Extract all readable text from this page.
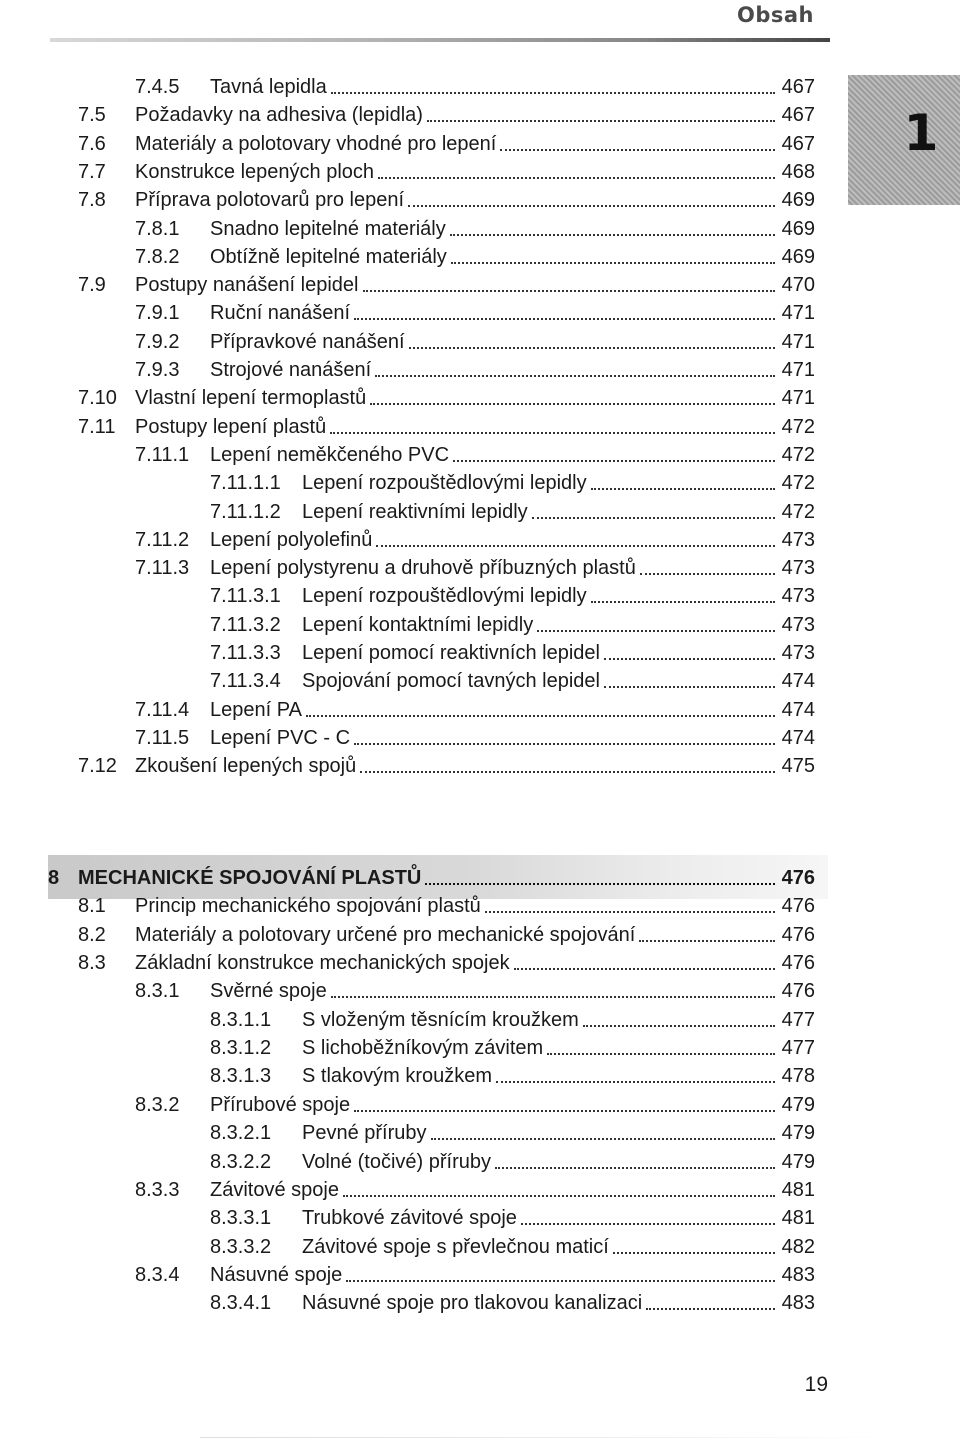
Obsah
1
7.4.5	Tavná lepidla	467
7.5	Požadavky na adhesiva (lepidla)	467
7.6	Materiály a polotovary vhodné pro lepení	467
7.7	Konstrukce lepených ploch	468
7.8	Příprava polotovarů pro lepení	469
7.8.1	Snadno lepitelné materiály	469
7.8.2	Obtížně lepitelné materiály	469
7.9	Postupy nanášení lepidel	470
7.9.1	Ruční nanášení	471
7.9.2	Přípravkové nanášení	471
7.9.3	Strojové nanášení	471
7.10 Vlastní lepení termoplastů	471
7.11 Postupy lepení plastů	472
7.11.1	Lepení neměkčeného PVC	472
7.11.1.1	Lepení rozpouštědlovými lepidly	472
7.11.1.2	Lepení reaktivními lepidly	472
7.11.2	Lepení polyolefinů	473
7.11.3	Lepení polystyrenu a druhově příbuzných plastů	473
7.11.3.1	Lepení rozpouštědlovými lepidly	473
7.11.3.2	Lepení kontaktními lepidly	473
7.11.3.3	Lepení pomocí reaktivních lepidel	473
7.11.3.4	Spojování pomocí tavných lepidel	474
7.11.4	Lepení PA	474
7.11.5	Lepení PVC - C	474
7.12 Zkoušení lepených spojů	475
8 MECHANICKÉ SPOJOVÁNÍ PLASTŮ	476
8.1	Princip mechanického spojování plastů	476
8.2	Materiály a polotovary určené pro mechanické spojování	476
8.3	Základní konstrukce mechanických spojek	476
8.3.1	Svěrné spoje	476
8.3.1.1	S vloženým těsnícím kroužkem	477
8.3.1.2	S lichoběžníkovým závitem	477
8.3.1.3	S tlakovým kroužkem	478
8.3.2	Přírubové spoje	479
8.3.2.1	Pevné příruby	479
8.3.2.2	Volné (točivé) příruby	479
8.3.3	Závitové spoje	481
8.3.3.1	Trubkové závitové spoje	481
8.3.3.2	Závitové spoje s převlečnou maticí	482
8.3.4	Násuvné spoje	483
8.3.4.1	Násuvné spoje pro tlakovou kanalizaci	483
19
